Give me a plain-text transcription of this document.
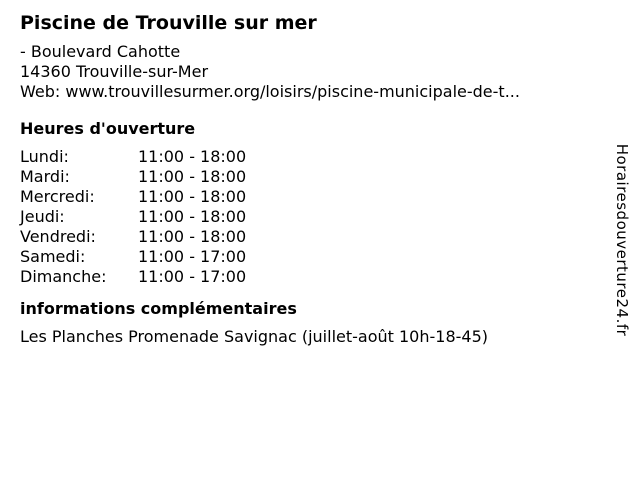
Piscine de Trouville sur mer
- Boulevard Cahotte
14360 Trouville-sur-Mer
Web: www.trouvillesurmer.org/loisirs/piscine-municipale-de-t...
Heures d'ouverture
Lundi:	11:00 - 18:00
Mardi:	11:00 - 18:00
Mercredi:	11:00 - 18:00
Jeudi:	11:00 - 18:00
Vendredi:	11:00 - 18:00
Samedi:	11:00 - 17:00
Dimanche:	11:00 - 17:00
informations complémentaires
Les Planches Promenade Savignac (juillet-août 10h-18-45)
Horairesdouverture24.fr
